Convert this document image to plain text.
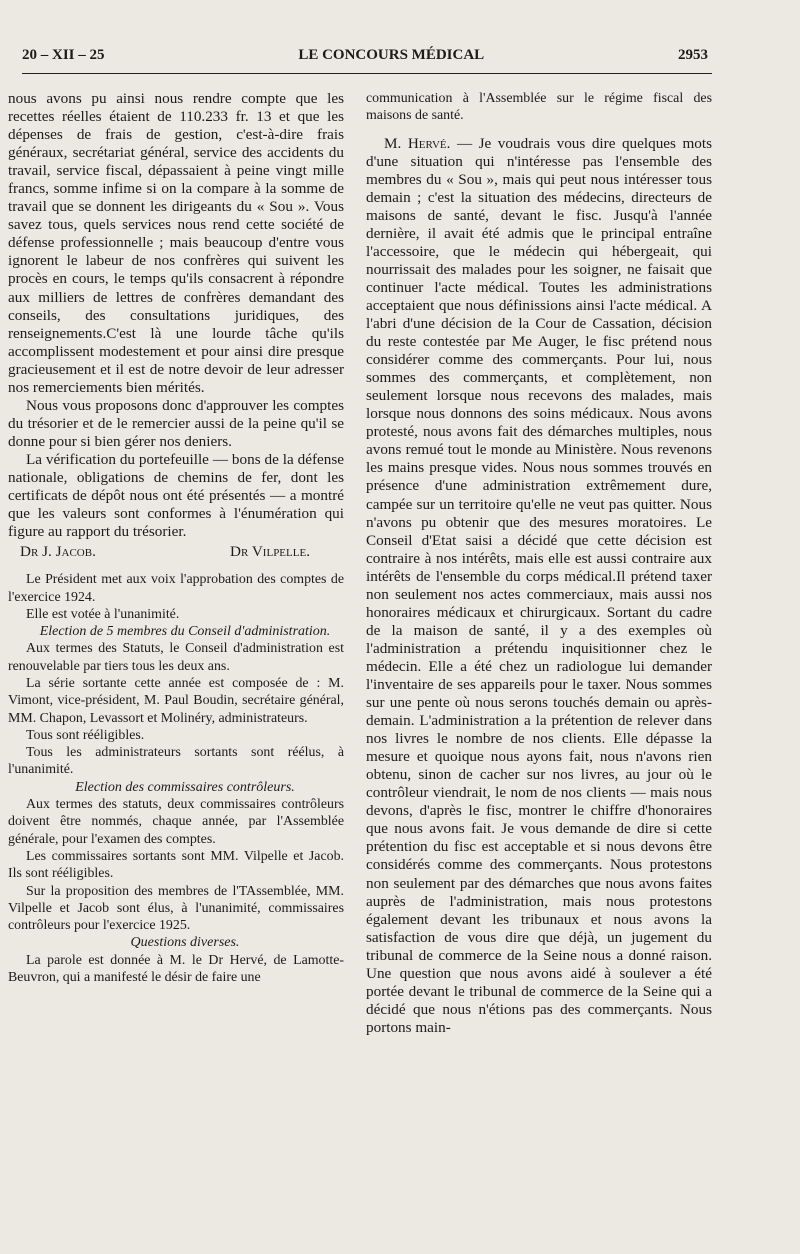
20 – XII – 25	LE CONCOURS MÉDICAL	2953

nous avons pu ainsi nous rendre compte que les recettes réelles étaient de 110.233 fr. 13 et que les dépenses de frais de gestion, c'est-à-dire frais généraux, secrétariat général, service des accidents du travail, service fiscal, dépassaient à peine vingt mille francs, somme infime si on la compare à la somme de travail que se donnent les dirigeants du « Sou ». Vous savez tous, quels services nous rend cette société de défense professionnelle ; mais beaucoup d'entre vous ignorent le labeur de nos confrères qui suivent les procès en cours, le temps qu'ils consacrent à répondre aux milliers de lettres de confrères demandant des conseils, des consultations juridiques, des renseignements.C'est là une lourde tâche qu'ils accomplissent modestement et pour ainsi dire presque gracieusement et il est de notre devoir de leur adresser nos remerciements bien mérités.

Nous vous proposons donc d'approuver les comptes du trésorier et de le remercier aussi de la peine qu'il se donne pour si bien gérer nos deniers.

La vérification du portefeuille — bons de la défense nationale, obligations de chemins de fer, dont les certificats de dépôt nous ont été présentés — a montré que les valeurs sont conformes à l'énumération qui figure au rapport du trésorier.

Dr J. Jacob.	Dr Vilpelle.

Le Président met aux voix l'approbation des comptes de l'exercice 1924.

Elle est votée à l'unanimité.

Election de 5 membres du Conseil d'administration.

Aux termes des Statuts, le Conseil d'administration est renouvelable par tiers tous les deux ans.

La série sortante cette année est composée de : M. Vimont, vice-président, M. Paul Boudin, secrétaire général, MM. Chapon, Levassort et Molinéry, administrateurs.

Tous sont rééligibles.

Tous les administrateurs sortants sont réélus, à l'unanimité.

Election des commissaires contrôleurs.

Aux termes des statuts, deux commissaires contrôleurs doivent être nommés, chaque année, par l'Assemblée générale, pour l'examen des comptes.

Les commissaires sortants sont MM. Vilpelle et Jacob. Ils sont rééligibles.

Sur la proposition des membres de l'TAssemblée, MM. Vilpelle et Jacob sont élus, à l'unanimité, commissaires contrôleurs pour l'exercice 1925.

Questions diverses.

La parole est donnée à M. le Dr Hervé, de Lamotte-Beuvron, qui a manifesté le désir de faire une

communication à l'Assemblée sur le régime fiscal des maisons de santé.

M. Hervé. — Je voudrais vous dire quelques mots d'une situation qui n'intéresse pas l'ensemble des membres du « Sou », mais qui peut nous intéresser tous demain ; c'est la situation des médecins, directeurs de maisons de santé, devant le fisc. Jusqu'à l'année dernière, il avait été admis que le principal entraîne l'accessoire, que le médecin qui hébergeait, qui nourrissait des malades pour les soigner, ne faisait que continuer l'acte médical. Toutes les administrations acceptaient que nous définissions ainsi l'acte médical. A l'abri d'une décision de la Cour de Cassation, décision du reste contestée par Me Auger, le fisc prétend nous considérer comme des commerçants. Pour lui, nous sommes des commerçants, et complètement, non seulement lorsque nous recevons des malades, mais lorsque nous donnons des soins médicaux. Nous avons protesté, nous avons fait des démarches multiples, nous avons remué tout le monde au Ministère. Nous revenons les mains presque vides. Nous nous sommes trouvés en présence d'une administration extrêmement dure, campée sur un territoire qu'elle ne veut pas quitter. Nous n'avons pu obtenir que des mesures moratoires. Le Conseil d'Etat saisi a décidé que cette décision est contraire à nos intérêts, mais elle est aussi contraire aux intérêts de l'ensemble du corps médical.Il prétend taxer non seulement nos actes commerciaux, mais aussi nos honoraires médicaux et chirurgicaux. Sortant du cadre de la maison de santé, il y a des exemples où l'administration a prétendu inquisitionner chez le médecin. Elle a été chez un radiologue lui demander l'inventaire de ses appareils pour le taxer. Nous sommes sur une pente où nous serons touchés demain ou après-demain. L'administration a la prétention de relever dans nos livres le nombre de nos clients. Elle dépasse la mesure et quoique nous ayons fait, nous n'avons rien obtenu, sinon de cacher sur nos livres, au jour où le contrôleur viendrait, le nom de nos clients — mais nous devons, d'après le fisc, montrer le chiffre d'honoraires que nous avons fait. Je vous demande de dire si cette prétention du fisc est acceptable et si nous devons être considérés comme des commerçants. Nous protestons non seulement par des démarches que nous avons faites auprès de l'administration, mais nous protestons également devant les tribunaux et nous avons la satisfaction de vous dire que déjà, un jugement du tribunal de commerce de la Seine nous a donné raison. Une question que nous avons aidé à soulever a été portée devant le tribunal de commerce de la Seine qui a décidé que nous n'étions pas des commerçants. Nous portons main-
